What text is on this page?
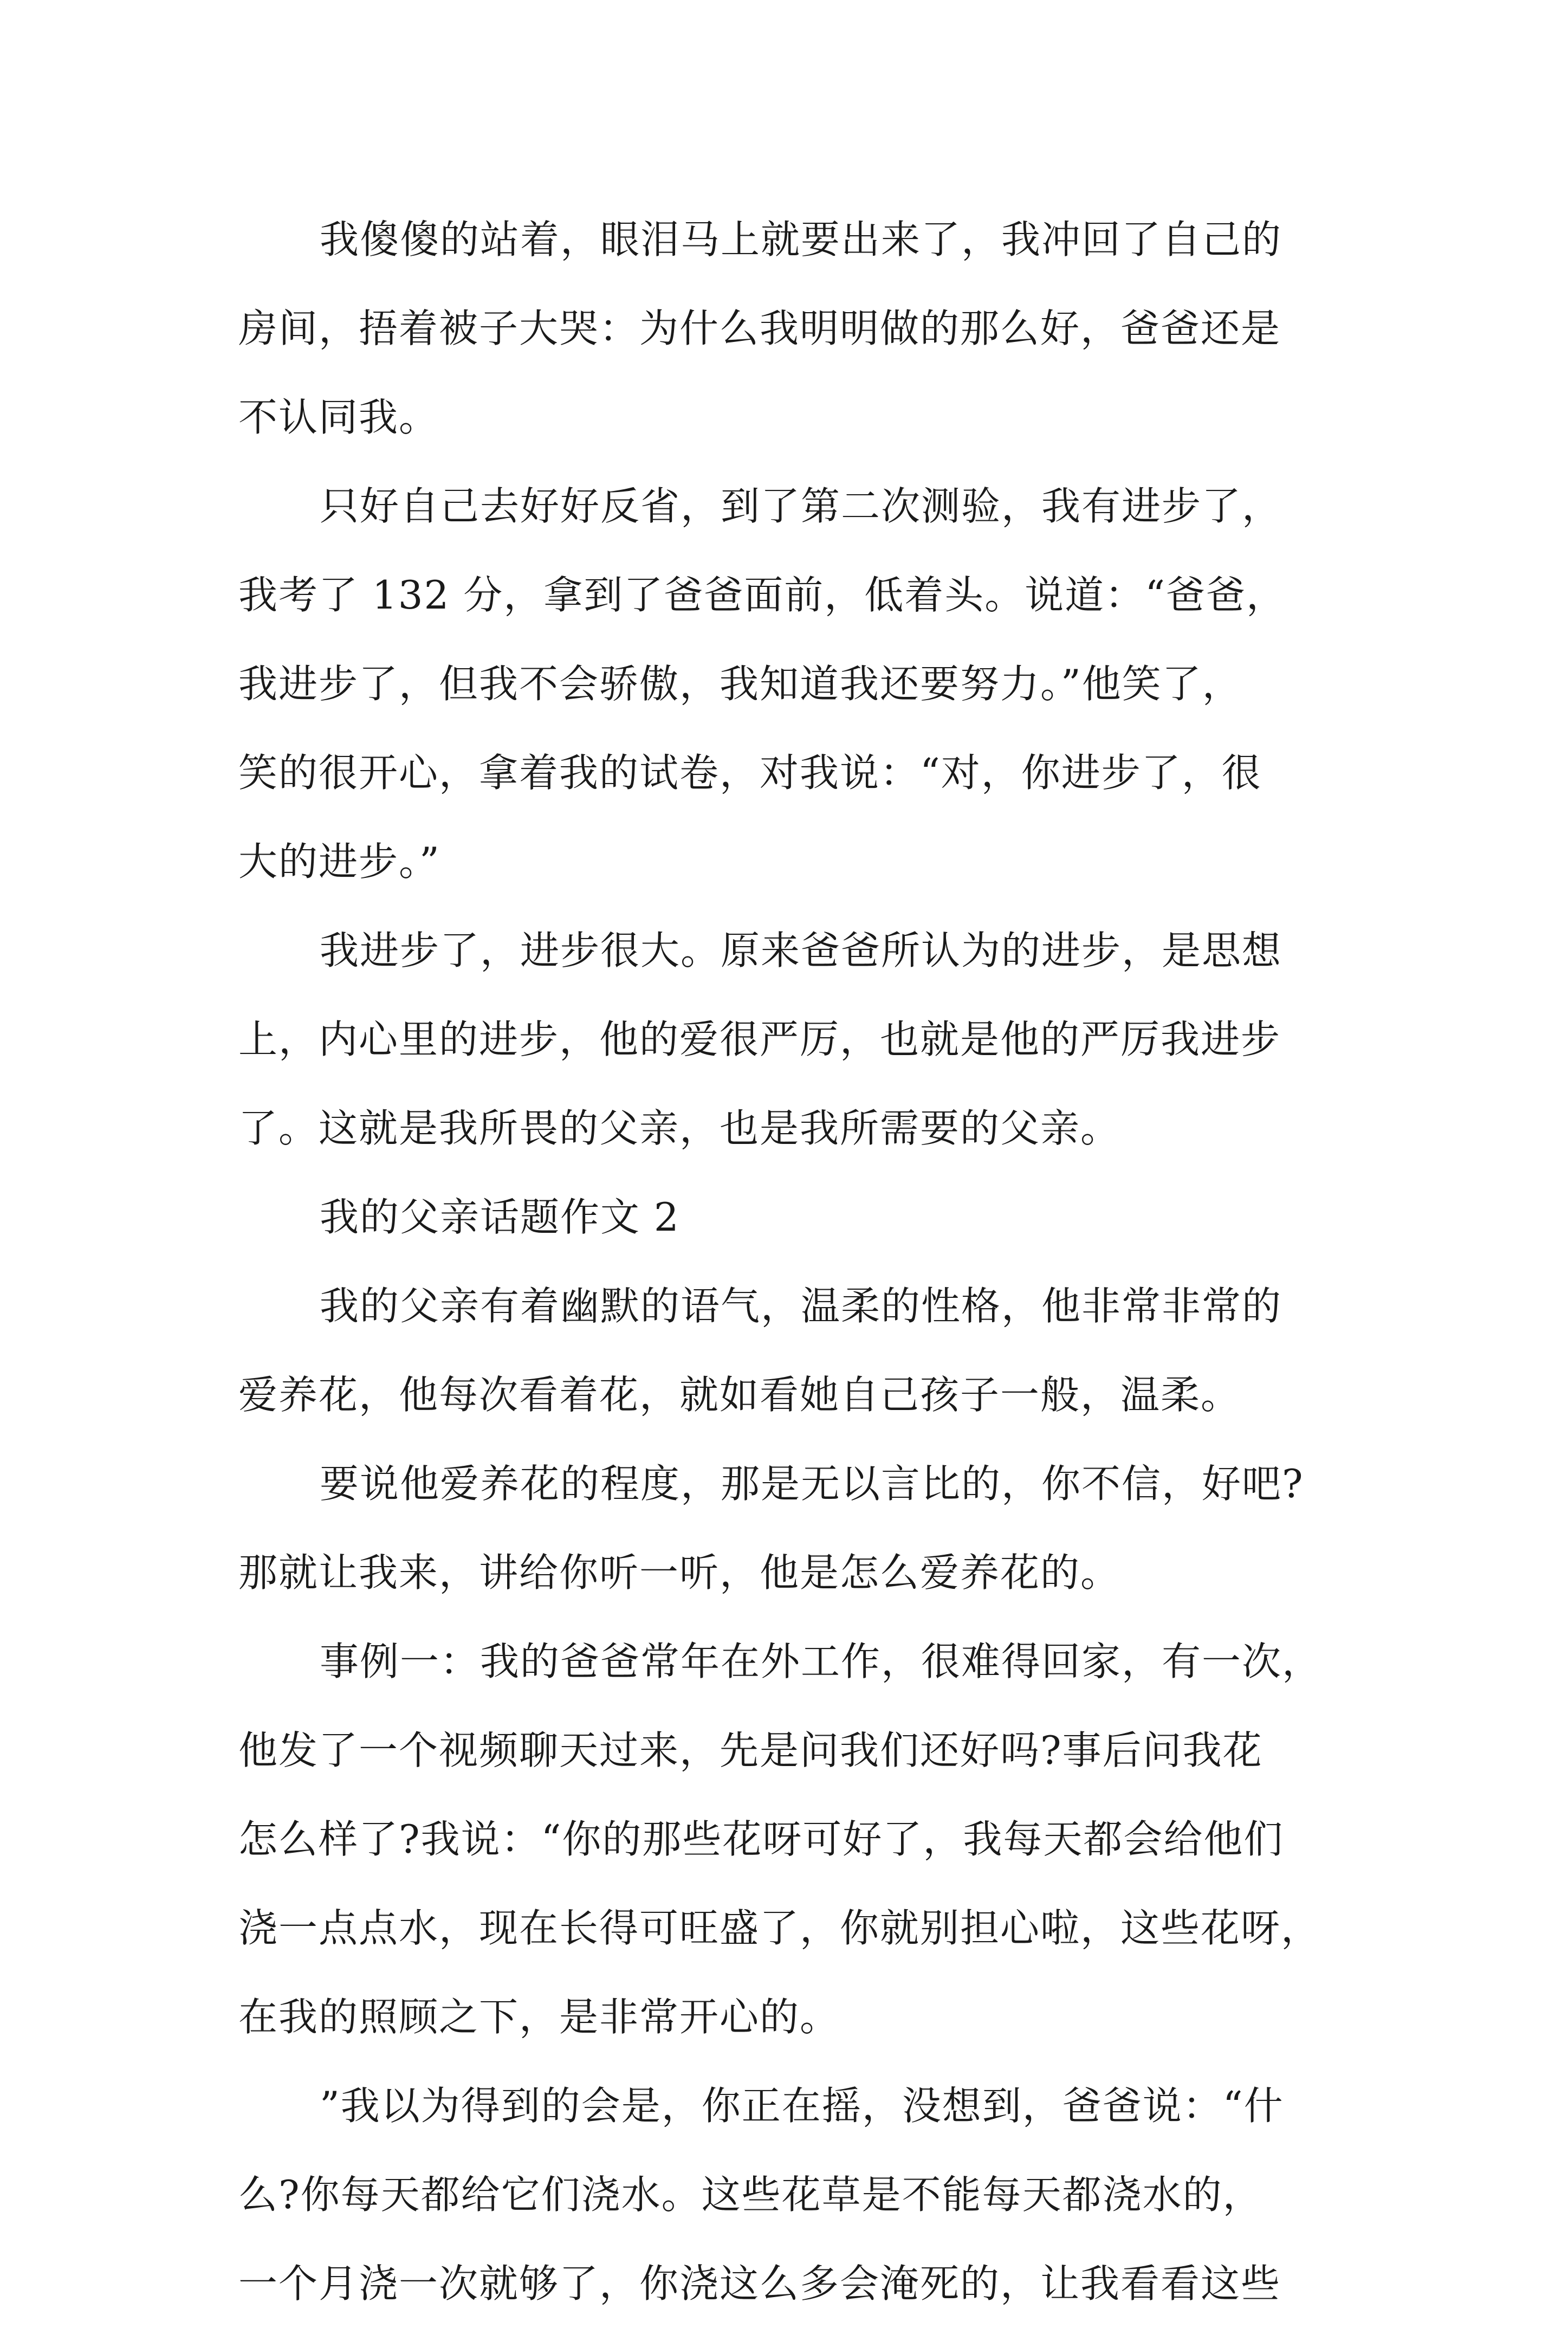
我傻傻的站着，眼泪马上就要出来了，我冲回了自己的
房间，捂着被子大哭：为什么我明明做的那么好，爸爸还是
不认同我。
只好自己去好好反省，到了第二次测验，我有进步了，
我考了 132 分，拿到了爸爸面前，低着头。说道：“爸爸，
我进步了，但我不会骄傲，我知道我还要努力。”他笑了，
笑的很开心，拿着我的试卷，对我说：“对，你进步了，很
大的进步。”
我进步了，进步很大。原来爸爸所认为的进步，是思想
上，内心里的进步，他的爱很严厉，也就是他的严厉我进步
了。这就是我所畏的父亲，也是我所需要的父亲。
我的父亲话题作文 2
我的父亲有着幽默的语气，温柔的性格，他非常非常的
爱养花，他每次看着花，就如看她自己孩子一般，温柔。
要说他爱养花的程度，那是无以言比的，你不信，好吧?
那就让我来，讲给你听一听，他是怎么爱养花的。
事例一：我的爸爸常年在外工作，很难得回家，有一次，
他发了一个视频聊天过来，先是问我们还好吗?事后问我花
怎么样了?我说：“你的那些花呀可好了，我每天都会给他们
浇一点点水，现在长得可旺盛了，你就别担心啦，这些花呀，
在我的照顾之下，是非常开心的。
”我以为得到的会是，你正在摇，没想到，爸爸说：“什
么?你每天都给它们浇水。这些花草是不能每天都浇水的，
一个月浇一次就够了，你浇这么多会淹死的，让我看看这些
